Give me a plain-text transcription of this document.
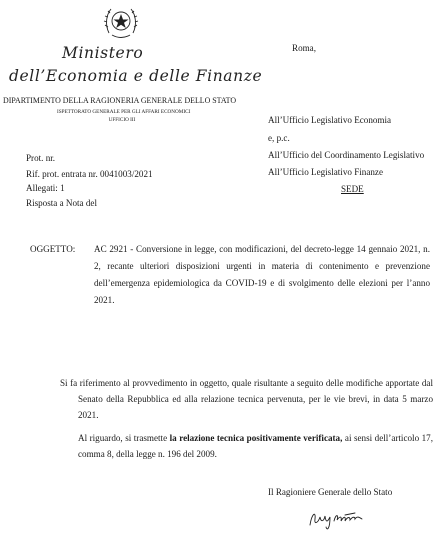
Ministero
dell’Economia e delle Finanze
DIPARTIMENTO DELLA RAGIONERIA GENERALE DELLO STATO
ISPETTORATO GENERALE PER GLI AFFARI ECONOMICI
UFFICIO III
Roma,
All’Ufficio Legislativo Economia
e, p.c.
All’Ufficio del Coordinamento Legislativo
All’Ufficio Legislativo Finanze
SEDE
Prot. nr.
Rif. prot. entrata nr. 0041003/2021
Allegati: 1
Risposta a Nota del
OGGETTO:	AC 2921 - Conversione in legge, con modificazioni, del decreto-legge 14 gennaio 2021, n. 2, recante ulteriori disposizioni urgenti in materia di contenimento e prevenzione dell’emergenza epidemiologica da COVID-19 e di svolgimento delle elezioni per l’anno 2021.
Si fa riferimento al provvedimento in oggetto, quale risultante a seguito delle modifiche apportate dal Senato della Repubblica ed alla relazione tecnica pervenuta, per le vie brevi, in data 5 marzo 2021.
Al riguardo, si trasmette la relazione tecnica positivamente verificata, ai sensi dell’articolo 17, comma 8, della legge n. 196 del 2009.
Il Ragioniere Generale dello Stato
